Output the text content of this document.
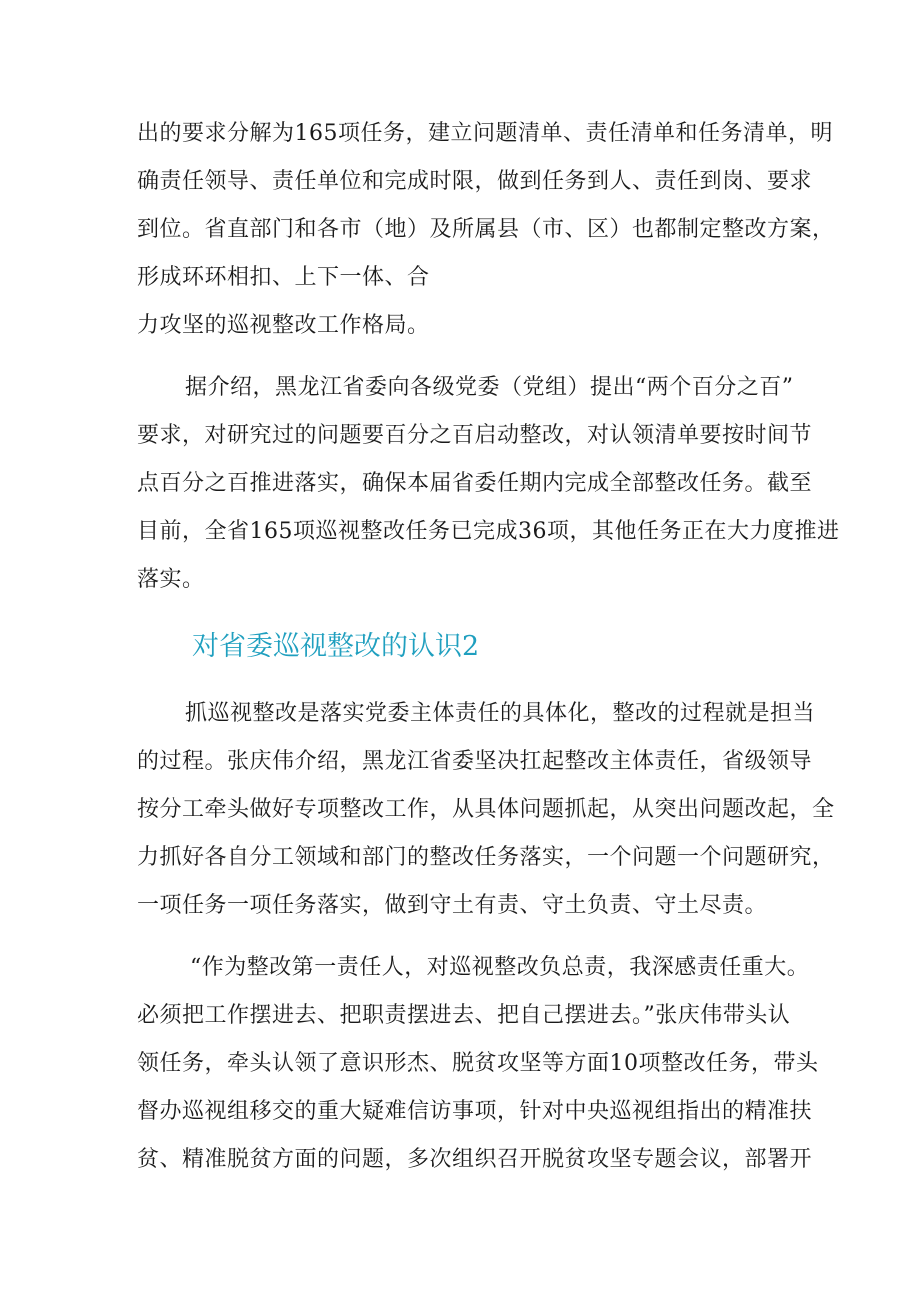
出的要求分解为165项任务，建立问题清单、责任清单和任务清单，明
确责任领导、责任单位和完成时限，做到任务到人、责任到岗、要求
到位。省直部门和各市（地）及所属县（市、区）也都制定整改方案，
形成环环相扣、上下一体、合
力攻坚的巡视整改工作格局。
据介绍，黑龙江省委向各级党委（党组）提出“两个百分之百”
要求，对研究过的问题要百分之百启动整改，对认领清单要按时间节
点百分之百推进落实，确保本届省委任期内完成全部整改任务。截至
目前，全省165项巡视整改任务已完成36项，其他任务正在大力度推进
落实。
对省委巡视整改的认识2
抓巡视整改是落实党委主体责任的具体化，整改的过程就是担当
的过程。张庆伟介绍，黑龙江省委坚决扛起整改主体责任，省级领导
按分工牵头做好专项整改工作，从具体问题抓起，从突出问题改起，全
力抓好各自分工领域和部门的整改任务落实，一个问题一个问题研究，
一项任务一项任务落实，做到守土有责、守土负责、守土尽责。
“作为整改第一责任人，对巡视整改负总责，我深感责任重大。
必须把工作摆进去、把职责摆进去、把自己摆进去。”张庆伟带头认
领任务，牵头认领了意识形杰、脱贫攻坚等方面10项整改任务，带头
督办巡视组移交的重大疑难信访事项，针对中央巡视组指出的精准扶
贫、精准脱贫方面的问题，多次组织召开脱贫攻坚专题会议，部署开
